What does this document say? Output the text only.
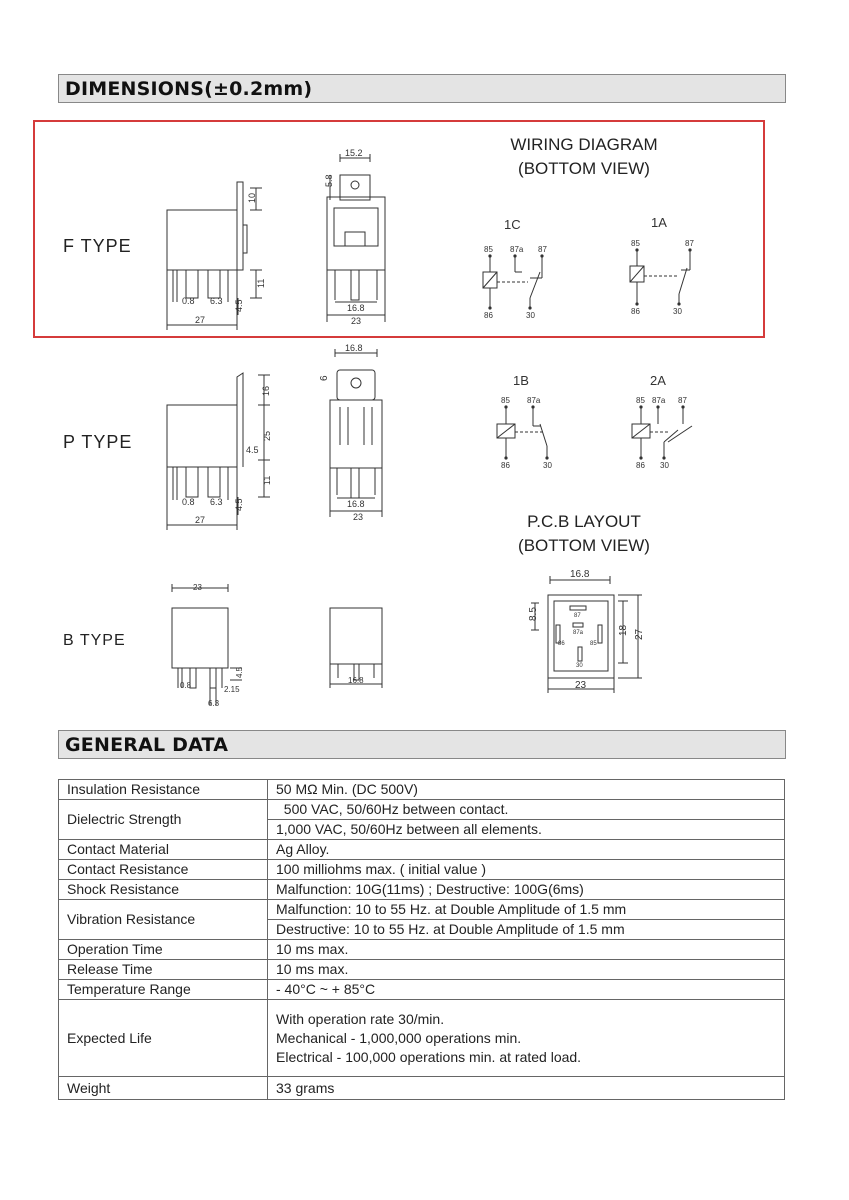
DIMENSIONS(±0.2mm)
WIRING DIAGRAM
(BOTTOM VIEW)
P.C.B LAYOUT
(BOTTOM VIEW)
F TYPE
P TYPE
B TYPE
10
11
0.8 6.3 4.5
27
15.2
5.8
16.8
23
16
25
4.5
11
0.8 6.3 4.5
27
16.8
6
16.8
23
23
4.5
0.8	2.15
6.3
16.8
1C
85 87a 87
86	30
1A
85	87
86	30
1B
85 87a
86	30
2A
85 87a 87
86 30
16.8
8.5
18 27
23
87
87a
86	85
30
GENERAL DATA
Insulation Resistance	50 MΩ Min. (DC 500V)
Dielectric Strength	500 VAC, 50/60Hz between contact.
	1,000 VAC, 50/60Hz between all elements.
Contact Material	Ag Alloy.
Contact Resistance	100 milliohms max. ( initial value )
Shock Resistance	Malfunction: 10G(11ms) ; Destructive: 100G(6ms)
Vibration Resistance	Malfunction: 10 to 55 Hz. at Double Amplitude of 1.5 mm
	Destructive: 10 to 55 Hz. at Double Amplitude of 1.5 mm
Operation Time	10 ms max.
Release Time	10 ms max.
Temperature Range	- 40°C ~ + 85°C
Expected Life	With operation rate 30/min.
Mechanical - 1,000,000 operations min.
Electrical - 100,000 operations min. at rated load.

Weight	33 grams
